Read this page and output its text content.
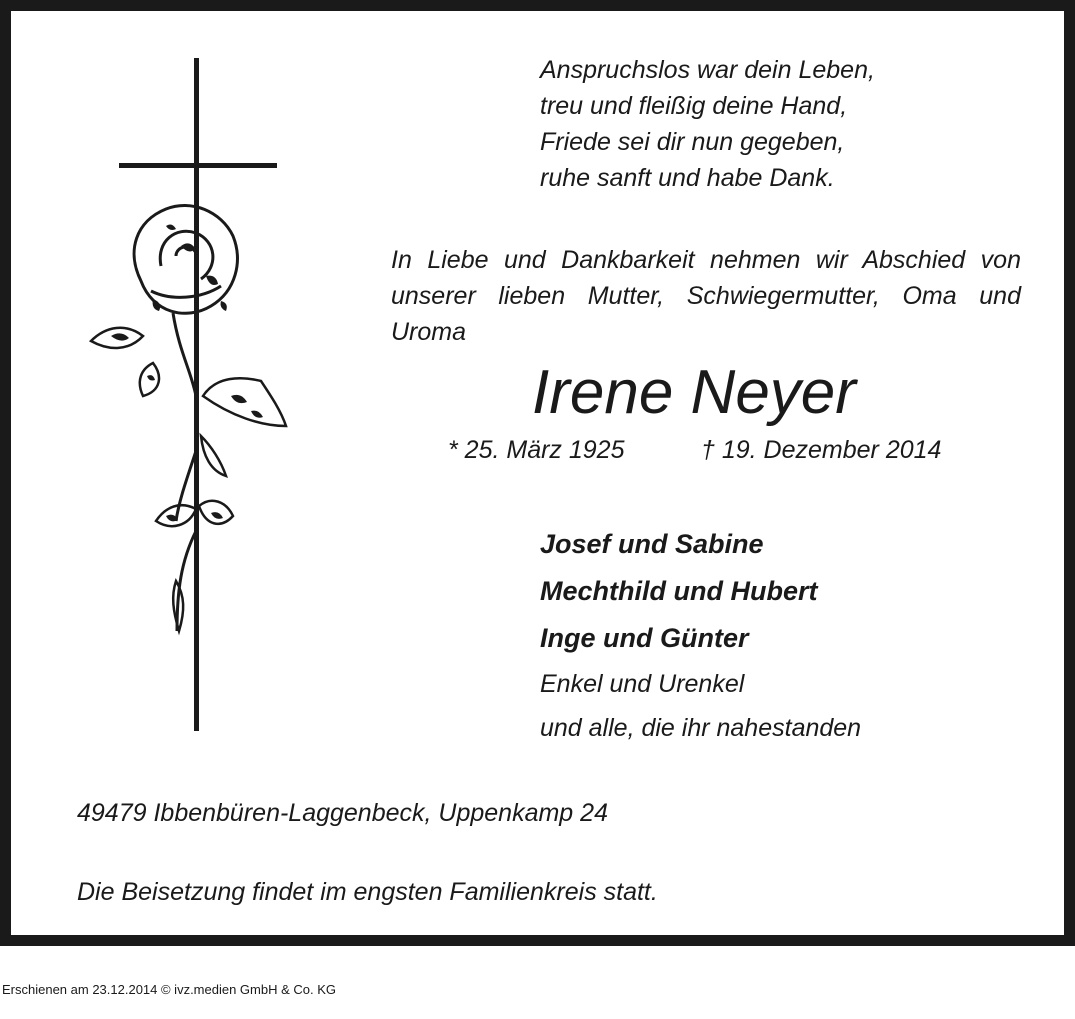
Anspruchslos war dein Leben,
treu und fleißig deine Hand,
Friede sei dir nun gegeben,
ruhe sanft und habe Dank.
In Liebe und Dankbarkeit nehmen wir Abschied von
unserer lieben Mutter, Schwiegermutter, Oma und
Uroma
Irene Neyer
* 25. März 1925	† 19. Dezember 2014
Josef und Sabine
Mechthild und Hubert
Inge und Günter
Enkel und Urenkel
und alle, die ihr nahestanden
49479 Ibbenbüren-Laggenbeck, Uppenkamp 24
Die Beisetzung findet im engsten Familienkreis statt.
Erschienen am 23.12.2014 © ivz.medien GmbH & Co. KG
